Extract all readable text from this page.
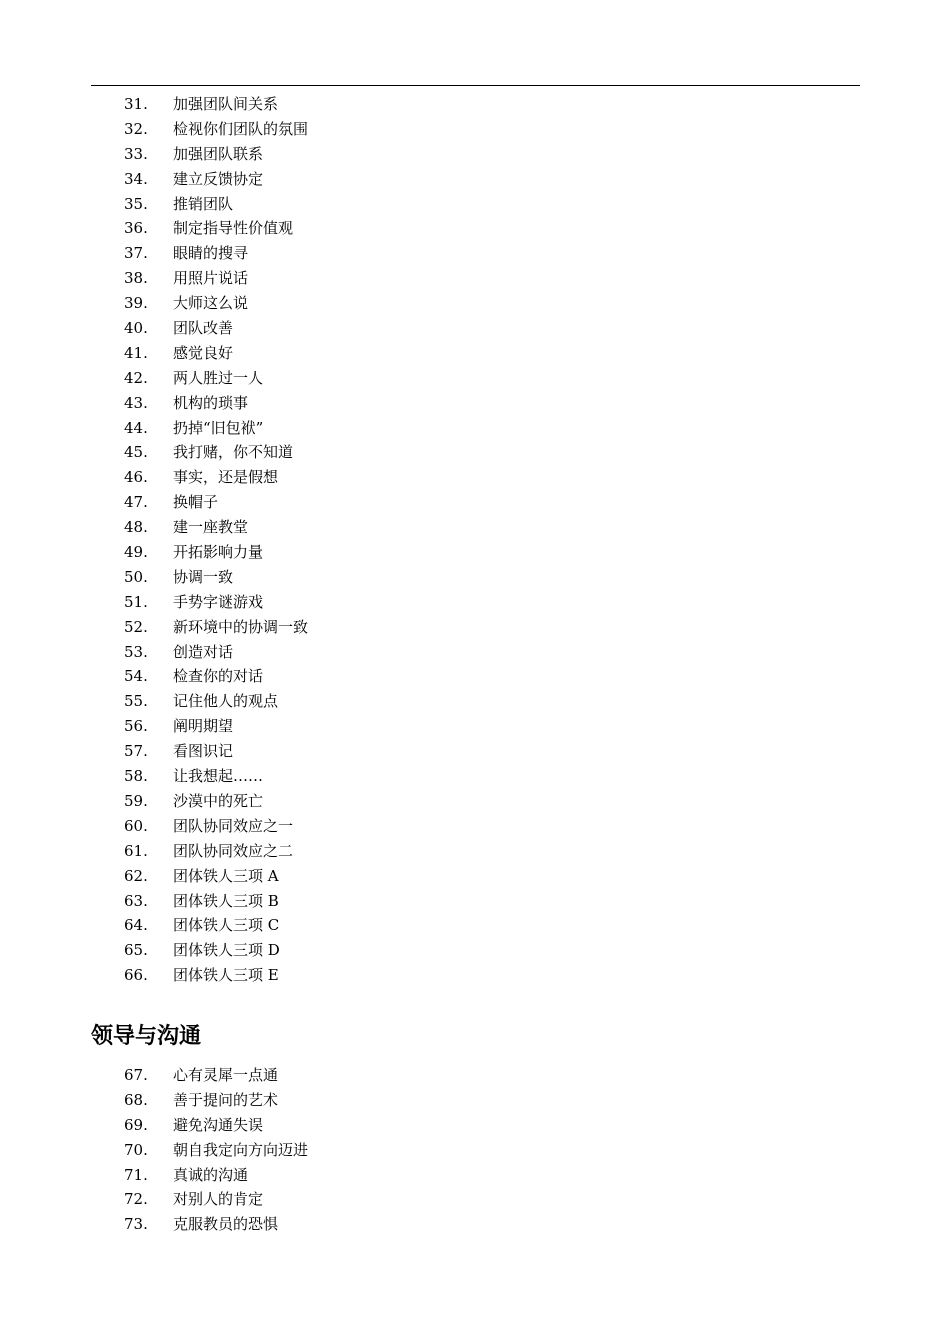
31. 加强团队间关系
32. 检视你们团队的氛围
33. 加强团队联系
34. 建立反馈协定
35. 推销团队
36. 制定指导性价值观
37. 眼睛的搜寻
38. 用照片说话
39. 大师这么说
40. 团队改善
41. 感觉良好
42. 两人胜过一人
43. 机构的琐事
44. 扔掉“旧包袱”
45. 我打赌，你不知道
46. 事实，还是假想
47. 换帽子
48. 建一座教堂
49. 开拓影响力量
50. 协调一致
51. 手势字谜游戏
52. 新环境中的协调一致
53. 创造对话
54. 检查你的对话
55. 记住他人的观点
56. 阐明期望
57. 看图识记
58. 让我想起……
59. 沙漠中的死亡
60. 团队协同效应之一
61. 团队协同效应之二
62. 团体铁人三项 A
63. 团体铁人三项 B
64. 团体铁人三项 C
65. 团体铁人三项 D
66. 团体铁人三项 E
领导与沟通
67. 心有灵犀一点通
68. 善于提问的艺术
69. 避免沟通失误
70. 朝自我定向方向迈进
71. 真诚的沟通
72. 对别人的肯定
73. 克服教员的恐惧
